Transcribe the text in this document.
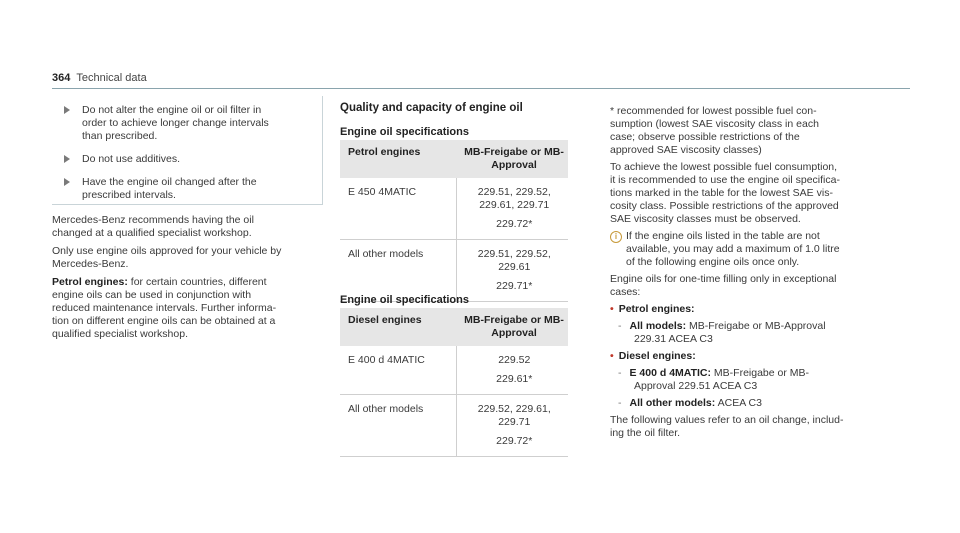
364 Technical data
Do not alter the engine oil or oil filter in
order to achieve longer change intervals
than prescribed.
Do not use additives.
Have the engine oil changed after the
prescribed intervals.
Mercedes-Benz recommends having the oil
changed at a qualified specialist workshop.
Only use engine oils approved for your vehicle by
Mercedes-Benz.
Petrol engines: for certain countries, different
engine oils can be used in conjunction with
reduced maintenance intervals. Further informa-
tion on different engine oils can be obtained at a
qualified specialist workshop.
Quality and capacity of engine oil
Engine oil specifications
Petrol engines	MB-Freigabe or MB-
Approval

E 450 4MATIC	229.51, 229.52,
229.61, 229.71
229.72*

All other models	229.51, 229.52,
229.61
229.71*
Engine oil specifications
Diesel engines	MB-Freigabe or MB-
Approval

E 400 d 4MATIC	229.52
229.61*

All other models	229.52, 229.61,
229.71
229.72*
* recommended for lowest possible fuel con-
sumption (lowest SAE viscosity class in each
case; observe possible restrictions of the
approved SAE viscosity classes)
To achieve the lowest possible fuel consumption,
it is recommended to use the engine oil specifica-
tions marked in the table for the lowest SAE vis-
cosity class. Possible restrictions of the approved
SAE viscosity classes must be observed.
i If the engine oils listed in the table are not
available, you may add a maximum of 1.0 litre
of the following engine oils once only.
Engine oils for one-time filling only in exceptional
cases:
• Petrol engines:
- All models: MB-Freigabe or MB-Approval
229.31 ACEA C3
• Diesel engines:
- E 400 d 4MATIC: MB-Freigabe or MB-
Approval 229.51 ACEA C3
- All other models: ACEA C3
The following values refer to an oil change, includ-
ing the oil filter.
